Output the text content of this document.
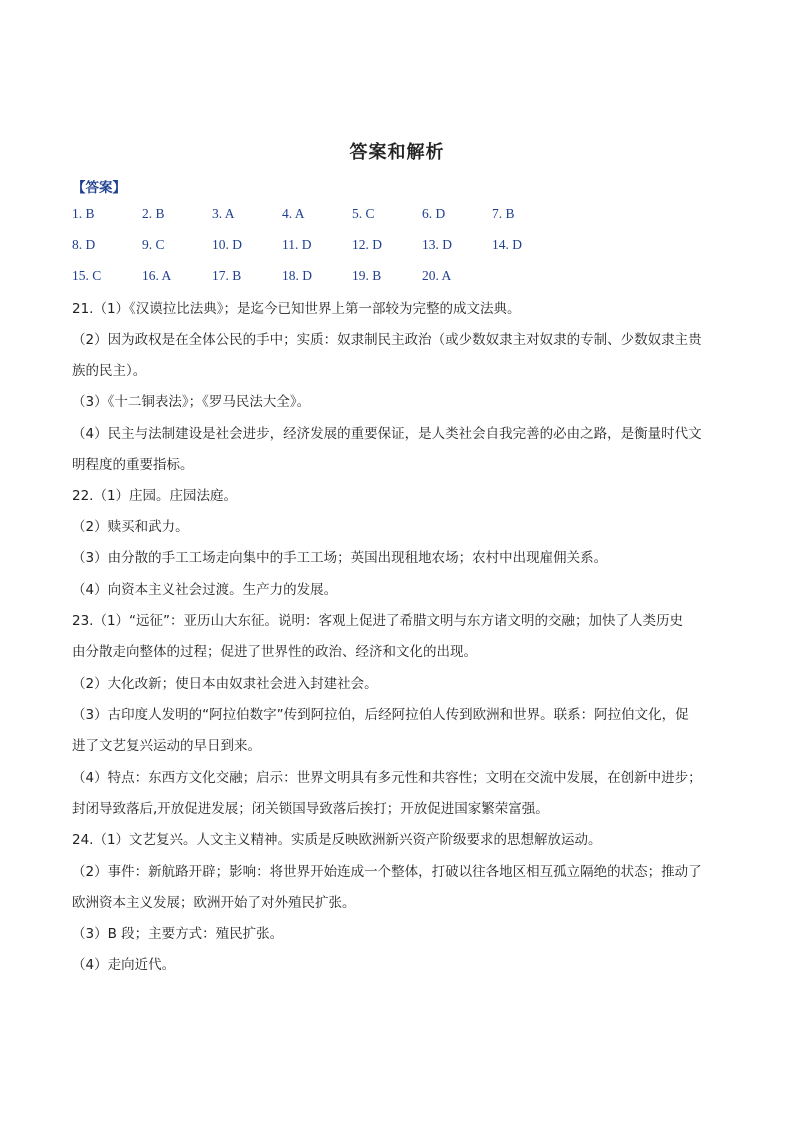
答案和解析
【答案】
1. B	2. B	3. A	4. A	5. C	6. D	7. B
8. D	9. C	10. D	11. D	12. D	13. D	14. D
15. C	16. A	17. B	18. D	19. B	20. A
21.（1）《汉谟拉比法典》；是迄今已知世界上第一部较为完整的成文法典。
（2）因为政权是在全体公民的手中；实质：奴隶制民主政治（或少数奴隶主对奴隶的专制、少数奴隶主贵
族的民主）。
（3）《十二铜表法》；《罗马民法大全》。
（4）民主与法制建设是社会进步，经济发展的重要保证，是人类社会自我完善的必由之路，是衡量时代文
明程度的重要指标。
22.（1）庄园。庄园法庭。
（2）赎买和武力。
（3）由分散的手工工场走向集中的手工工场；英国出现租地农场；农村中出现雇佣关系。
（4）向资本主义社会过渡。生产力的发展。
23.（1）“远征”：亚历山大东征。说明：客观上促进了希腊文明与东方诸文明的交融；加快了人类历史
由分散走向整体的过程；促进了世界性的政治、经济和文化的出现。
（2）大化改新；使日本由奴隶社会进入封建社会。
（3）古印度人发明的“阿拉伯数字”传到阿拉伯，后经阿拉伯人传到欧洲和世界。联系：阿拉伯文化，促
进了文艺复兴运动的早日到来。
（4）特点：东西方文化交融；启示：世界文明具有多元性和共容性；文明在交流中发展，在创新中进步；
封闭导致落后,开放促进发展；闭关锁国导致落后挨打；开放促进国家繁荣富强。
24.（1）文艺复兴。人文主义精神。实质是反映欧洲新兴资产阶级要求的思想解放运动。
（2）事件：新航路开辟；影响：将世界开始连成一个整体，打破以往各地区相互孤立隔绝的状态；推动了
欧洲资本主义发展；欧洲开始了对外殖民扩张。
（3）B 段；主要方式：殖民扩张。
（4）走向近代。
